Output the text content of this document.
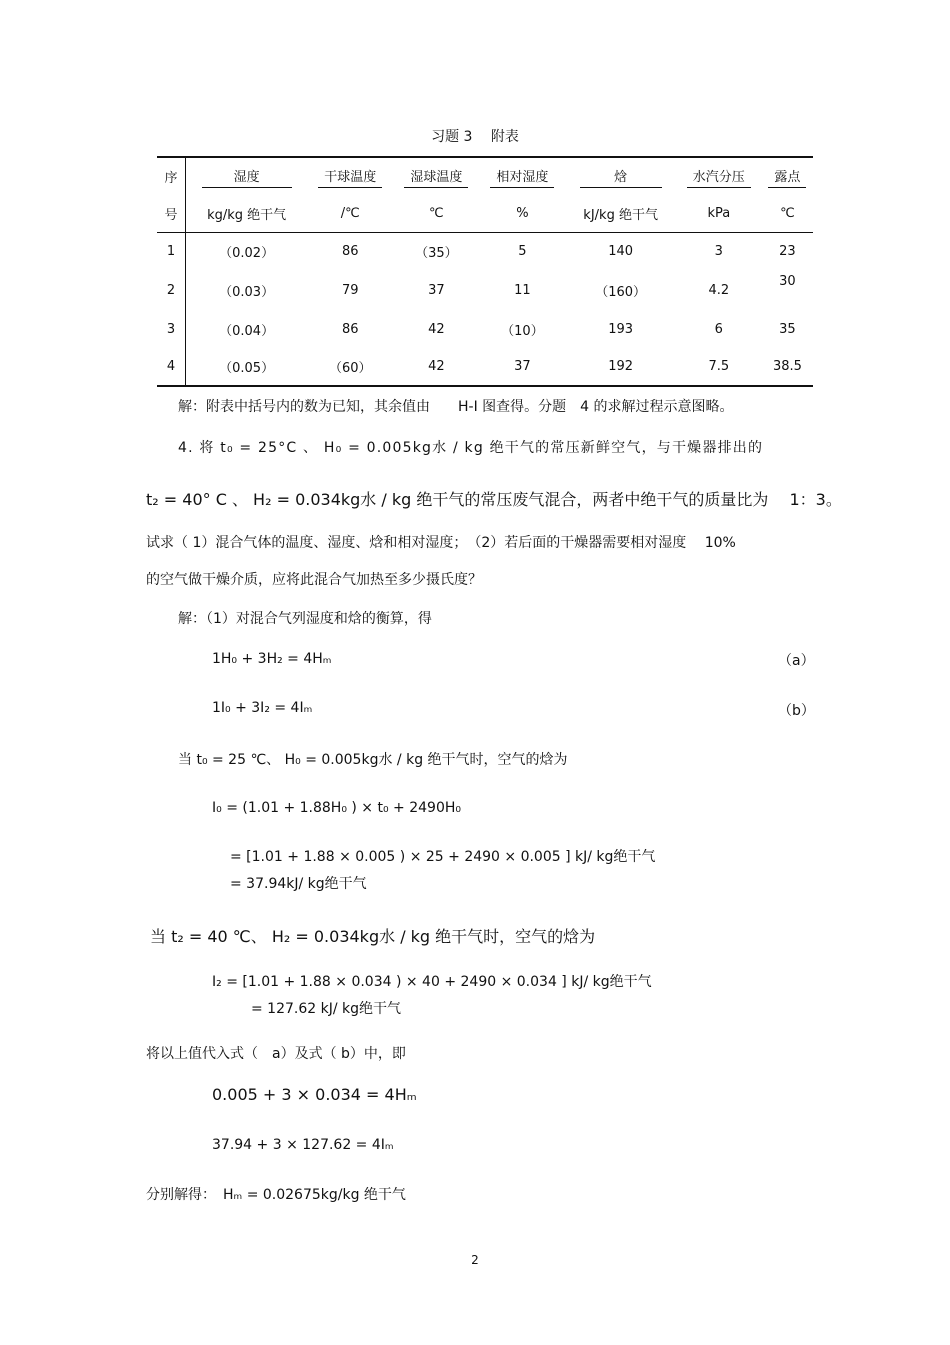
习题 3　 附表
序	湿度	干球温度	湿球温度	相对湿度	焓	水汽分压	露点
号	kg/kg 绝干气	/℃	℃	%	kJ/kg 绝干气	kPa	℃
1	（0.02）	86	（35）	5	140	3	23
2	（0.03）	79	37	11	（160）	4.2	30
3	（0.04）	86	42	（10）	193	6	35
4	（0.05）	（60）	42	37	192	7.5	38.5
解：附表中括号内的数为已知，其余值由　　H-I 图查得。分题　4 的求解过程示意图略。
4. 将 t₀ = 25°C 、 H₀ = 0.005kg水 / kg 绝干气的常压新鲜空气，与干燥器排出的
t₂ = 40° C 、 H₂ = 0.034kg水 / kg 绝干气的常压废气混合，两者中绝干气的质量比为　 1：3。
试求（ 1）混合气体的温度、湿度、焓和相对湿度；　（2）若后面的干燥器需要相对湿度　 10%
的空气做干燥介质，应将此混合气加热至多少摄氏度？
解：（1）对混合气列湿度和焓的衡算，得
1H₀ + 3H₂ = 4Hₘ	（a）
1I₀ + 3I₂ = 4Iₘ	（b）
当 t₀ = 25 ℃、 H₀ = 0.005kg水 / kg 绝干气时，空气的焓为
I₀ = (1.01 + 1.88H₀ ) × t₀ + 2490H₀
= [1.01 + 1.88 × 0.005 ) × 25 + 2490 × 0.005 ] kJ/ kg绝干气
= 37.94kJ/ kg绝干气
当 t₂ = 40 ℃、 H₂ = 0.034kg水 / kg 绝干气时，空气的焓为
I₂ = [1.01 + 1.88 × 0.034 ) × 40 + 2490 × 0.034 ] kJ/ kg绝干气
= 127.62 kJ/ kg绝干气
将以上值代入式（　a）及式（ b）中，即
0.005 + 3 × 0.034 = 4Hₘ
37.94 + 3 × 127.62 = 4Iₘ
分别解得：　Hₘ = 0.02675kg/kg 绝干气
2
